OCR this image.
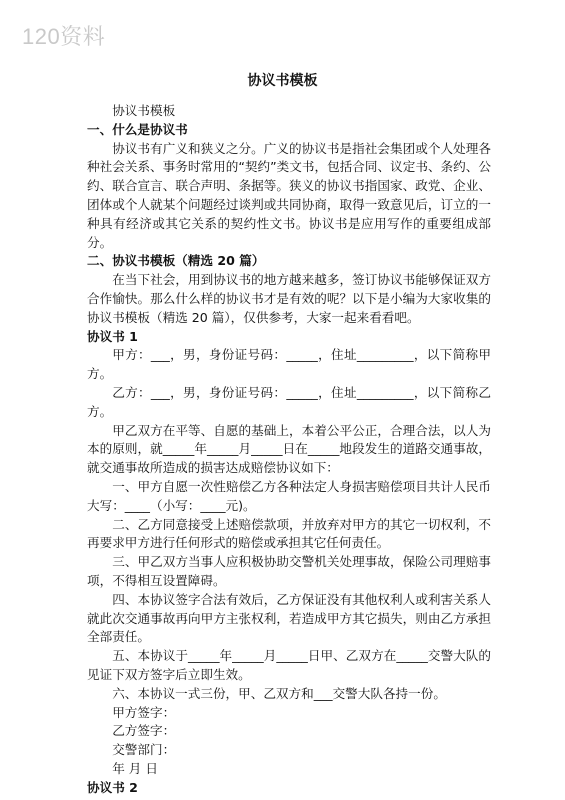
120资料
协议书模板

协议书模板

一、什么是协议书

协议书有广义和狭义之分。广义的协议书是指社会集团或个人处理各种社会关系、事务时常用的“契约”类文书，包括合同、议定书、条约、公约、联合宣言、联合声明、条据等。狭义的协议书指国家、政党、企业、团体或个人就某个问题经过谈判或共同协商，取得一致意见后，订立的一种具有经济或其它关系的契约性文书。协议书是应用写作的重要组成部分。

二、协议书模板（精选 20 篇）

在当下社会，用到协议书的地方越来越多，签订协议书能够保证双方合作愉快。那么什么样的协议书才是有效的呢？以下是小编为大家收集的协议书模板（精选 20 篇），仅供参考，大家一起来看看吧。

协议书 1

甲方：___，男，身份证号码：_____，住址_________，以下简称甲方。

乙方：___，男，身份证号码：_____，住址_________，以下简称乙方。

甲乙双方在平等、自愿的基础上，本着公平公正，合理合法，以人为本的原则，就_____年_____月_____日在_____地段发生的道路交通事故，就交通事故所造成的损害达成赔偿协议如下：

一、甲方自愿一次性赔偿乙方各种法定人身损害赔偿项目共计人民币大写：____（小写：____元)。

二、乙方同意接受上述赔偿款项，并放弃对甲方的其它一切权利，不再要求甲方进行任何形式的赔偿或承担其它任何责任。

三、甲乙双方当事人应积极协助交警机关处理事故，保险公司理赔事项，不得相互设置障碍。

四、本协议签字合法有效后，乙方保证没有其他权利人或利害关系人就此次交通事故再向甲方主张权利，若造成甲方其它损失，则由乙方承担全部责任。

五、本协议于_____年_____月_____日甲、乙双方在_____交警大队的见证下双方签字后立即生效。

六、本协议一式三份，甲、乙双方和___交警大队各持一份。

甲方签字：

乙方签字：

交警部门：

年 月 日

协议书 2
